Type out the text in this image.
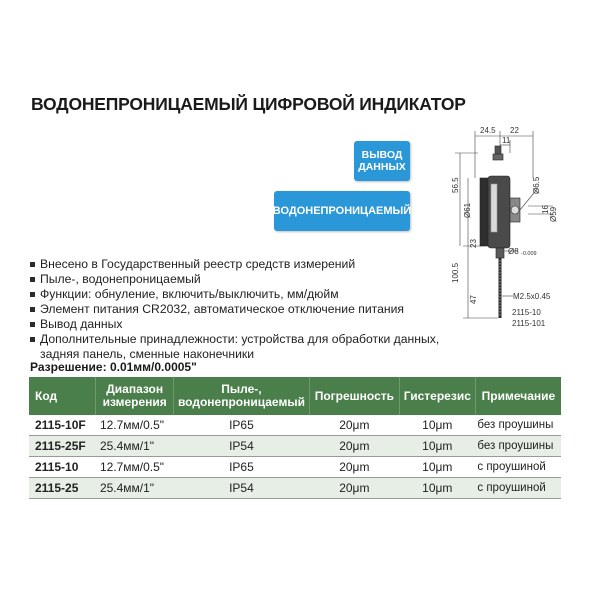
ВОДОНЕПРОНИЦАЕМЫЙ ЦИФРОВОЙ ИНДИКАТОР
ВЫВОД ДАННЫХ
ВОДОНЕПРОНИЦАЕМЫЙ
24.5 22
11
56.5
100.5
23
47
Ø61
Ø6.5
16 Ø59
Ø8 -0.009
M2.5x0.45
2115-10
2115-101
Внесено в Государственный реестр средств измерений
Пыле-, водонепроницаемый
Функции: обнуление, включить/выключить, мм/дюйм
Элемент питания CR2032, автоматическое отключение питания
Вывод данных
Дополнительные принадлежности: устройства для обработки данных, задняя панель, сменные наконечники
Разрешение: 0.01мм/0.0005"
Код	Диапазон измерения	Пыле-, водонепроницаемый	Погрешность	Гистерезис	Примечание
2115-10F	12.7мм/0.5"	IP65	20μm	10μm	без проушины
2115-25F	25.4мм/1"	IP54	20μm	10μm	без проушины
2115-10	12.7мм/0.5"	IP65	20μm	10μm	с проушиной
2115-25	25.4мм/1"	IP54	20μm	10μm	с проушиной
